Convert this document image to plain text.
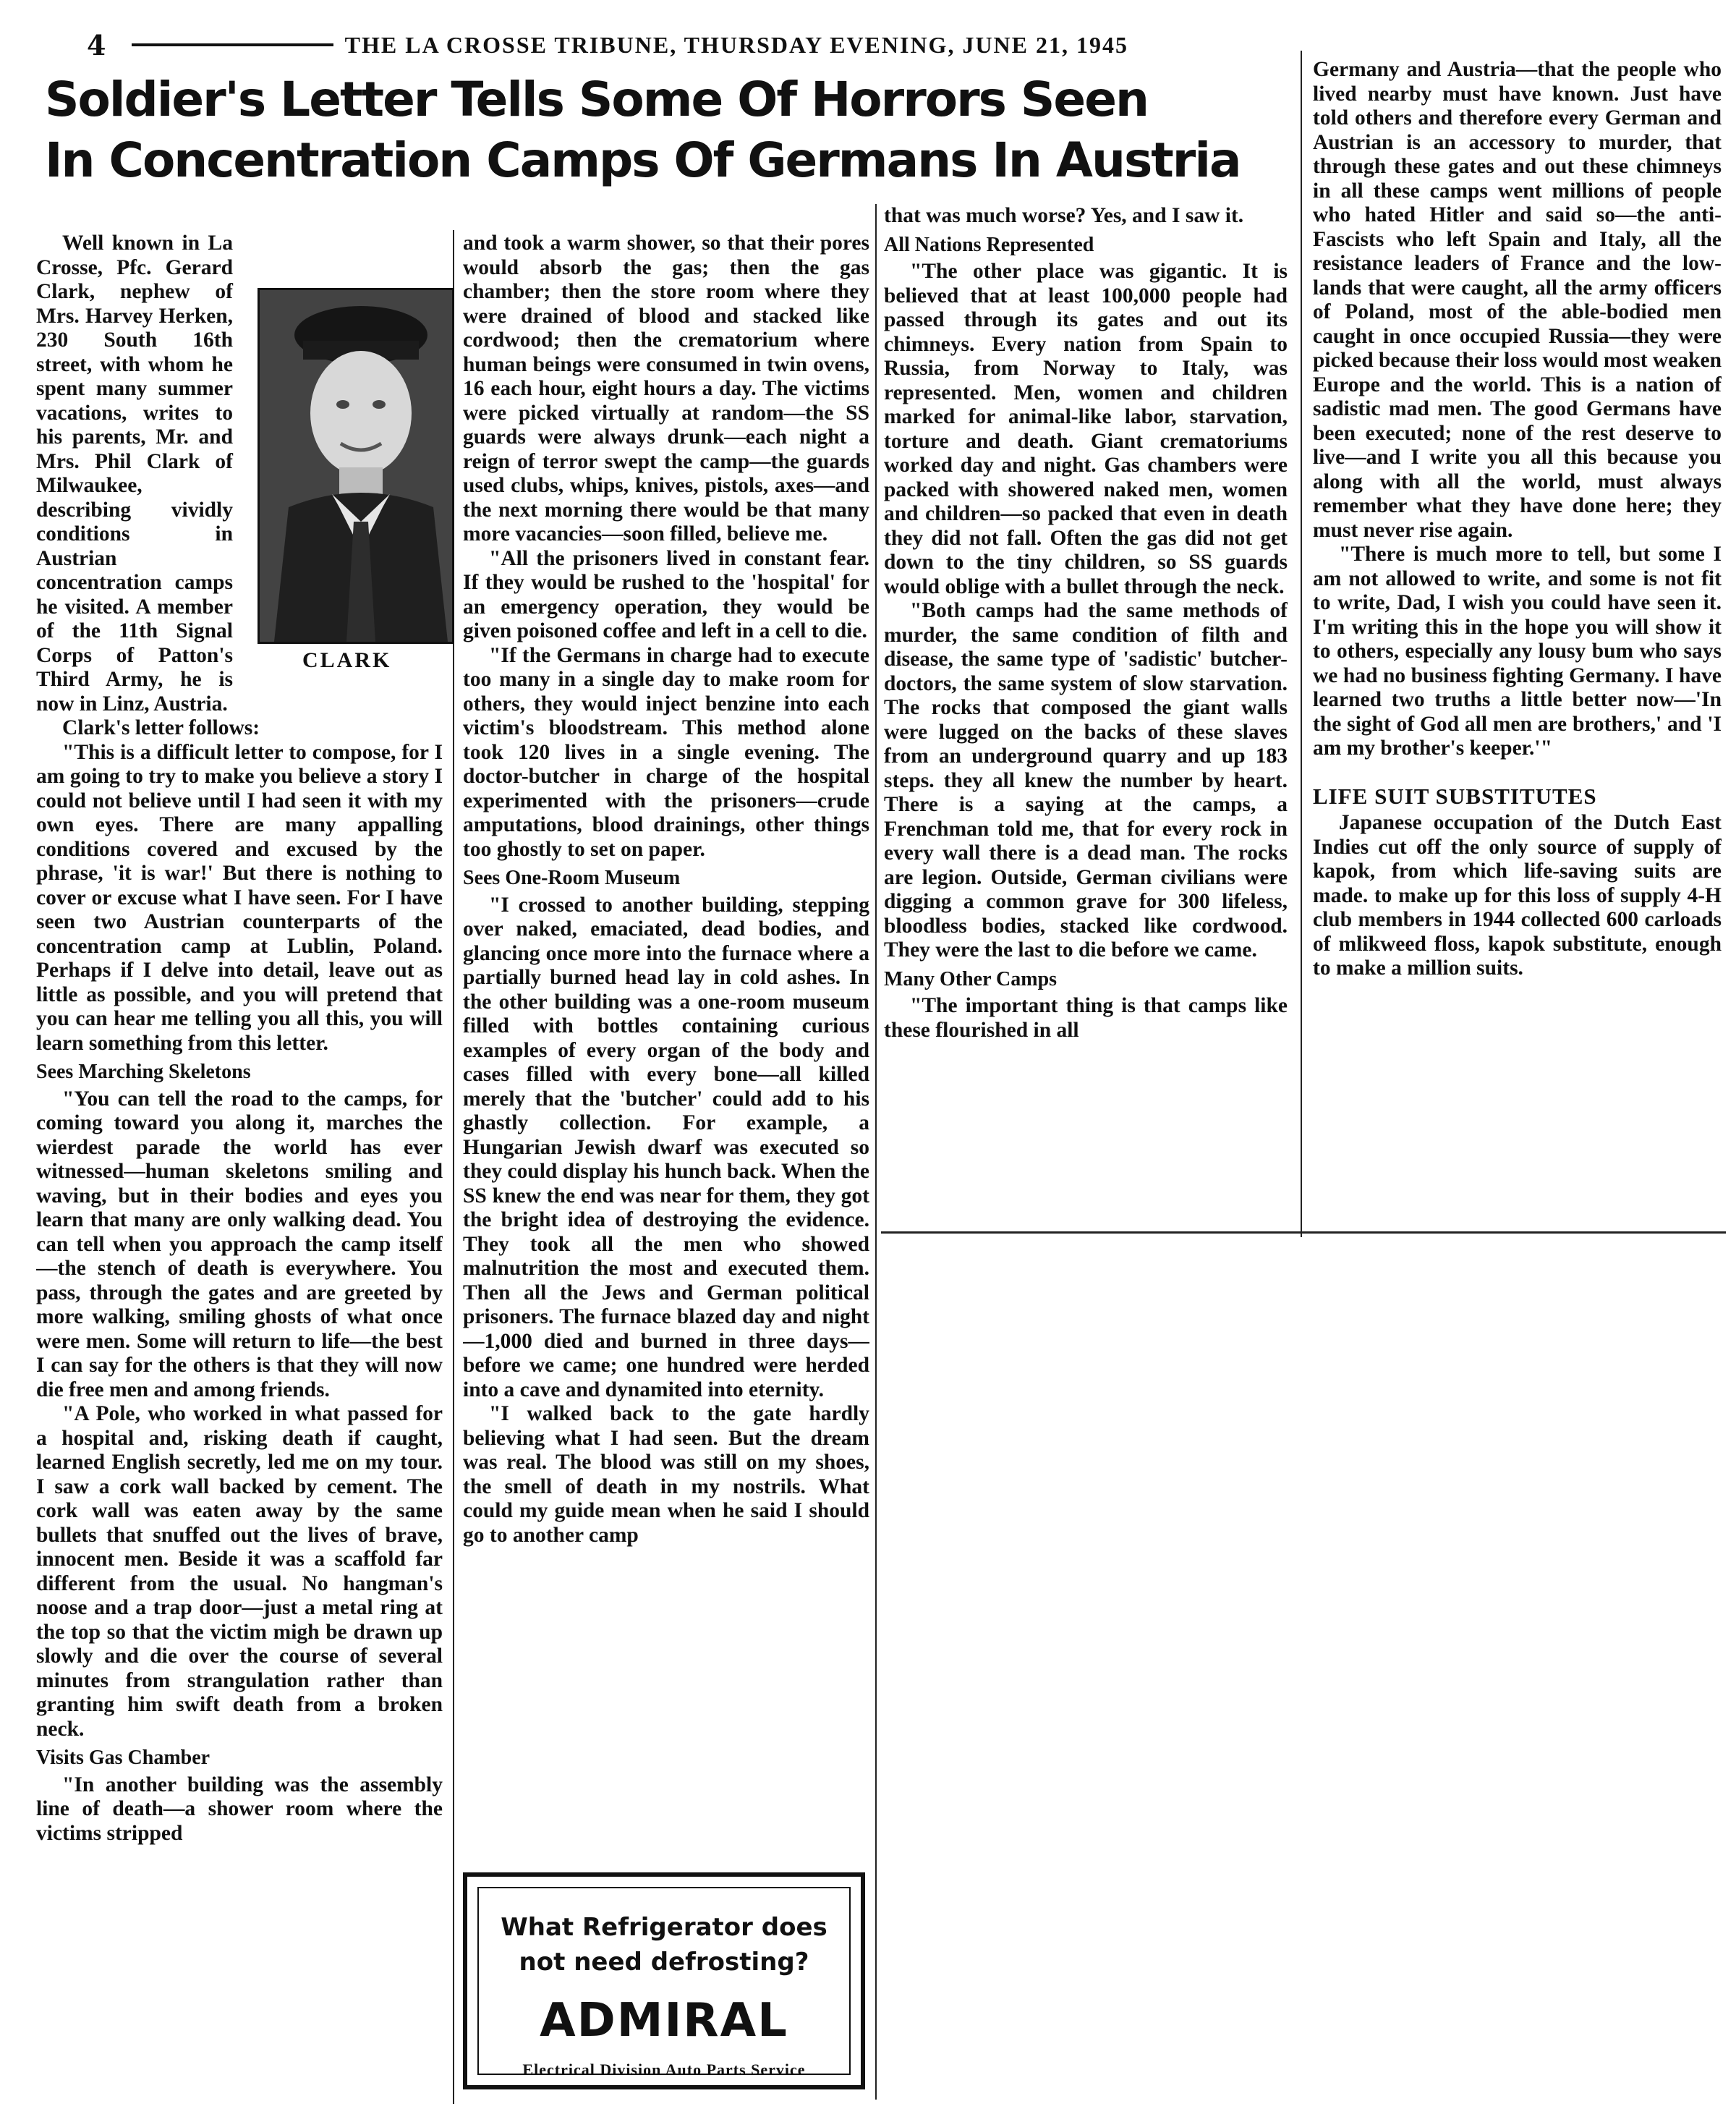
4	THE LA CROSSE TRIBUNE, THURSDAY EVENING, JUNE 21, 1945
Soldier's Letter Tells Some Of Horrors Seen
In Concentration Camps Of Germans In Austria
CLARK

Well known in La Crosse, Pfc. Gerard Clark, nephew of Mrs. Harvey Herken, 230 South 16th street, with whom he spent many summer vacations, writes to his parents, Mr. and Mrs. Phil Clark of Milwaukee, describing vividly conditions in Austrian concentration camps he visited. A member of the 11th Signal Corps of Patton's Third Army, he is now in Linz, Austria.

Clark's letter follows:

"This is a difficult letter to compose, for I am going to try to make you believe a story I could not believe until I had seen it with my own eyes. There are many appalling conditions covered and excused by the phrase, 'it is war!' But there is nothing to cover or excuse what I have seen. For I have seen two Austrian counterparts of the concentration camp at Lublin, Poland. Perhaps if I delve into detail, leave out as little as possible, and you will pretend that you can hear me telling you all this, you will learn something from this letter.

Sees Marching Skeletons

"You can tell the road to the camps, for coming toward you along it, marches the wierdest parade the world has ever witnessed—human skeletons smiling and waving, but in their bodies and eyes you learn that many are only walking dead. You can tell when you approach the camp itself—the stench of death is everywhere. You pass, through the gates and are greeted by more walking, smiling ghosts of what once were men. Some will return to life—the best I can say for the others is that they will now die free men and among friends.

"A Pole, who worked in what passed for a hospital and, risking death if caught, learned English secretly, led me on my tour. I saw a cork wall backed by cement. The cork wall was eaten away by the same bullets that snuffed out the lives of brave, innocent men. Beside it was a scaffold far different from the usual. No hangman's noose and a trap door—just a metal ring at the top so that the victim migh be drawn up slowly and die over the course of several minutes from strangulation rather than granting him swift death from a broken neck.

Visits Gas Chamber

"In another building was the assembly line of death—a shower room where the victims stripped

and took a warm shower, so that their pores would absorb the gas; then the gas chamber; then the store room where they were drained of blood and stacked like cordwood; then the crematorium where human beings were consumed in twin ovens, 16 each hour, eight hours a day. The victims were picked virtually at random—the SS guards were always drunk—each night a reign of terror swept the camp—the guards used clubs, whips, knives, pistols, axes—and the next morning there would be that many more vacancies—soon filled, believe me.

"All the prisoners lived in constant fear. If they would be rushed to the 'hospital' for an emergency operation, they would be given poisoned coffee and left in a cell to die.

"If the Germans in charge had to execute too many in a single day to make room for others, they would inject benzine into each victim's bloodstream. This method alone took 120 lives in a single evening. The doctor-butcher in charge of the hospital experimented with the prisoners—crude amputations, blood drainings, other things too ghostly to set on paper.

Sees One-Room Museum

"I crossed to another building, stepping over naked, emaciated, dead bodies, and glancing once more into the furnace where a partially burned head lay in cold ashes. In the other building was a one-room museum filled with bottles containing curious examples of every organ of the body and cases filled with every bone—all killed merely that the 'butcher' could add to his ghastly collection. For example, a Hungarian Jewish dwarf was executed so they could display his hunch back. When the SS knew the end was near for them, they got the bright idea of destroying the evidence. They took all the men who showed malnutrition the most and executed them. Then all the Jews and German political prisoners. The furnace blazed day and night—1,000 died and burned in three days—before we came; one hundred were herded into a cave and dynamited into eternity.

"I walked back to the gate hardly believing what I had seen. But the dream was real. The blood was still on my shoes, the smell of death in my nostrils. What could my guide mean when he said I should go to another camp

that was much worse? Yes, and I saw it.

All Nations Represented

"The other place was gigantic. It is believed that at least 100,000 people had passed through its gates and out its chimneys. Every nation from Spain to Russia, from Norway to Italy, was represented. Men, women and children marked for animal-like labor, starvation, torture and death. Giant crematoriums worked day and night. Gas chambers were packed with showered naked men, women and children—so packed that even in death they did not fall. Often the gas did not get down to the tiny children, so SS guards would oblige with a bullet through the neck.

"Both camps had the same methods of murder, the same condition of filth and disease, the same type of 'sadistic' butcher-doctors, the same system of slow starvation. The rocks that composed the giant walls were lugged on the backs of these slaves from an underground quarry and up 183 steps. they all knew the number by heart. There is a saying at the camps, a Frenchman told me, that for every rock in every wall there is a dead man. The rocks are legion. Outside, German civilians were digging a common grave for 300 lifeless, bloodless bodies, stacked like cordwood. They were the last to die before we came.

Many Other Camps

"The important thing is that camps like these flourished in all

Germany and Austria—that the people who lived nearby must have known. Just have told others and therefore every German and Austrian is an accessory to murder, that through these gates and out these chimneys in all these camps went millions of people who hated Hitler and said so—the anti-Fascists who left Spain and Italy, all the resistance leaders of France and the low-lands that were caught, all the army officers of Poland, most of the able-bodied men caught in once occupied Russia—they were picked because their loss would most weaken Europe and the world. This is a nation of sadistic mad men. The good Germans have been executed; none of the rest deserve to live—and I write you all this because you along with all the world, must always remember what they have done here; they must never rise again.

"There is much more to tell, but some I am not allowed to write, and some is not fit to write, Dad, I wish you could have seen it. I'm writing this in the hope you will show it to others, especially any lousy bum who says we had no business fighting Germany. I have learned two truths a little better now—'In the sight of God all men are brothers,' and 'I am my brother's keeper.'"

LIFE SUIT SUBSTITUTES

Japanese occupation of the Dutch East Indies cut off the only source of supply of kapok, from which life-saving suits are made. to make up for this loss of supply 4-H club members in 1944 collected 600 carloads of mlikweed floss, kapok substitute, enough to make a million suits.

What Refrigerator does not need defrosting?
ADMIRAL
Electrical Division Auto Parts Service
